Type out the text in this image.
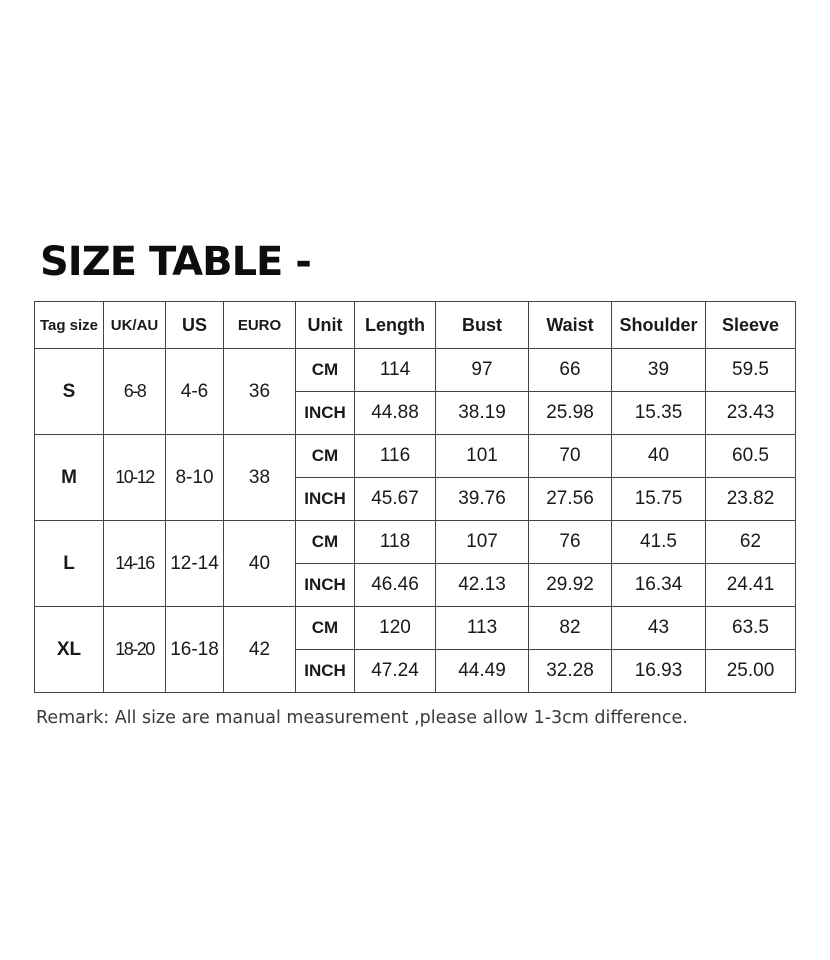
SIZE TABLE -
Tag size	UK/AU	US	EURO	Unit	Length	Bust	Waist	Shoulder	Sleeve
S	6-8	4-6	36	CM	114	97	66	39	59.5
				INCH	44.88	38.19	25.98	15.35	23.43
M	10-12	8-10	38	CM	116	101	70	40	60.5
				INCH	45.67	39.76	27.56	15.75	23.82
L	14-16	12-14	40	CM	118	107	76	41.5	62
				INCH	46.46	42.13	29.92	16.34	24.41
XL	18-20	16-18	42	CM	120	113	82	43	63.5
				INCH	47.24	44.49	32.28	16.93	25.00
Remark: All size are manual measurement ,please allow 1-3cm difference.
